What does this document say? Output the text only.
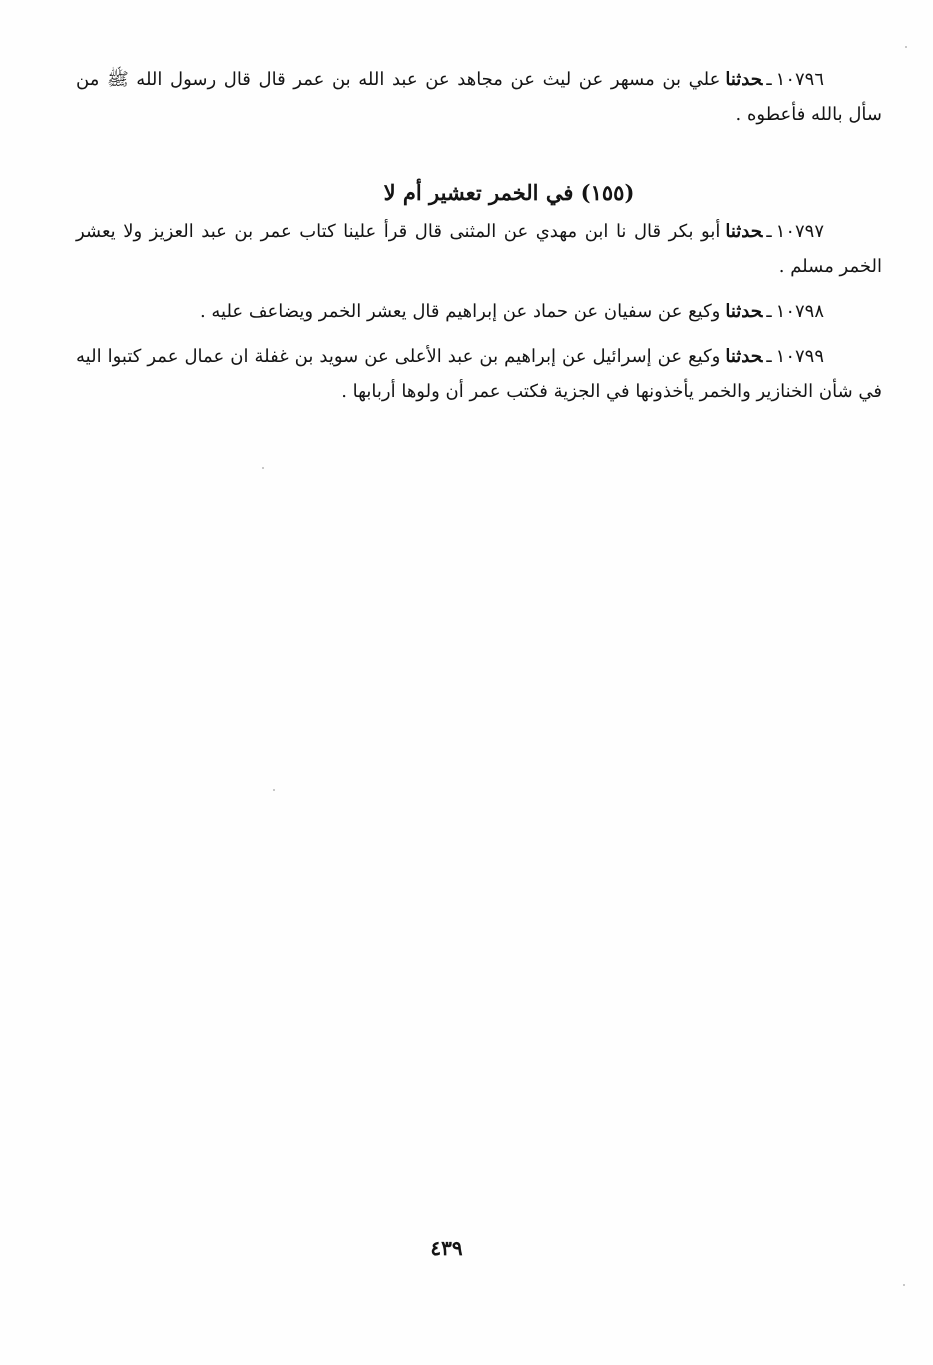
١٠٧٩٦ـحدثناعلي بن مسهر عن ليث عن مجاهد عن عبد الله بن عمر قال قال رسول الله ﷺ من سأل بالله فأعطوه .

(١٥٥) في الخمر تعشير أم لا

١٠٧٩٧ـحدثناأبو بكر قال نا ابن مهدي عن المثنى قال قرأ علينا كتاب عمر بن عبد العزيز ولا يعشر الخمر مسلم .

١٠٧٩٨ـحدثناوكيع عن سفيان عن حماد عن إبراهيم قال يعشر الخمر ويضاعف عليه .

١٠٧٩٩ـحدثناوكيع عن إسرائيل عن إبراهيم بن عبد الأعلى عن سويد بن غفلة ان عمال عمر كتبوا اليه في شأن الخنازير والخمر يأخذونها في الجزية فكتب عمر أن ولوها أربابها .

٤٣٩
